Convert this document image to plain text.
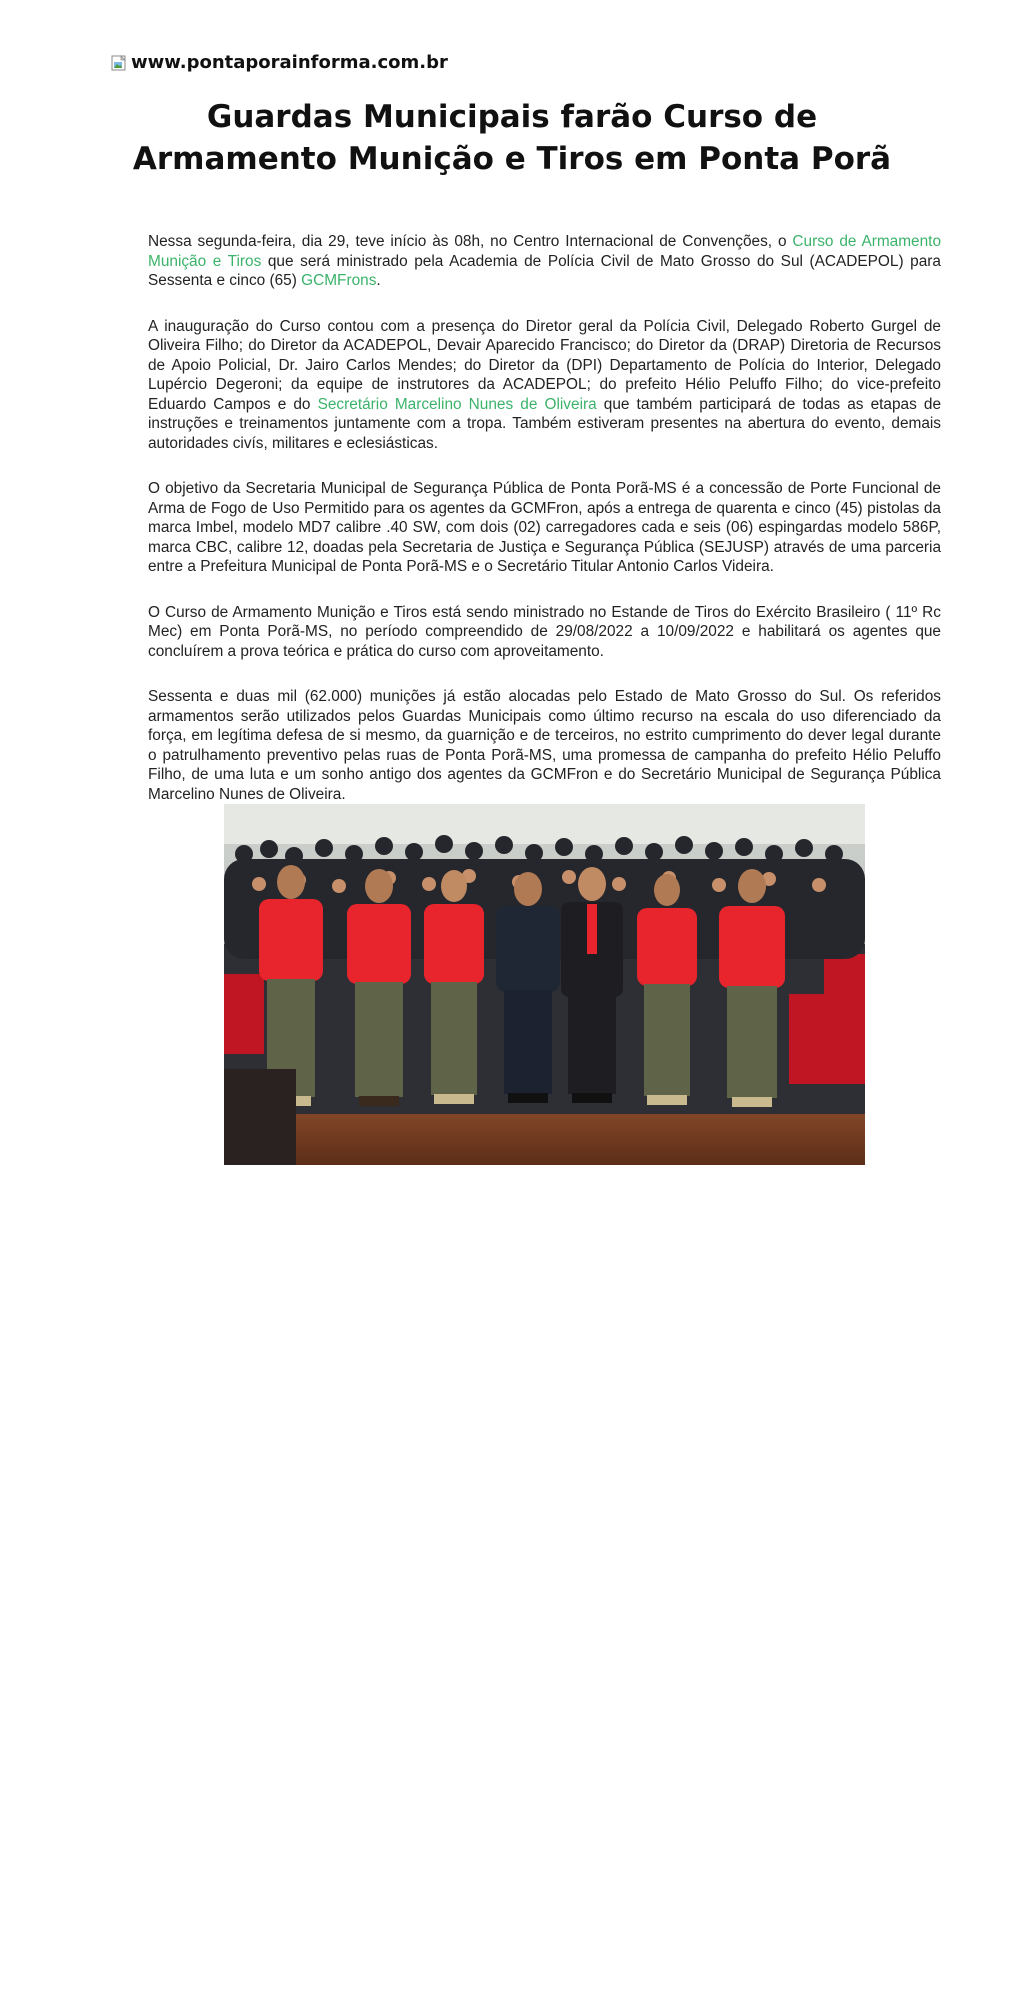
www.pontaporainforma.com.br
Guardas Municipais farão Curso de Armamento Munição e Tiros em Ponta Porã

Nessa segunda-feira, dia 29, teve início às 08h, no Centro Internacional de Convenções, o Curso de Armamento Munição e Tiros que será ministrado pela Academia de Polícia Civil de Mato Grosso do Sul (ACADEPOL) para Sessenta e cinco (65) GCMFrons.

A inauguração do Curso contou com a presença do Diretor geral da Polícia Civil, Delegado Roberto Gurgel de Oliveira Filho; do Diretor da ACADEPOL, Devair Aparecido Francisco; do Diretor da (DRAP) Diretoria de Recursos de Apoio Policial, Dr. Jairo Carlos Mendes; do Diretor da (DPI) Departamento de Polícia do Interior, Delegado Lupércio Degeroni; da equipe de instrutores da ACADEPOL; do prefeito Hélio Peluffo Filho; do vice-prefeito Eduardo Campos e do Secretário Marcelino Nunes de Oliveira que também participará de todas as etapas de instruções e treinamentos juntamente com a tropa. Também estiveram presentes na abertura do evento, demais autoridades civís, militares e eclesiásticas.

O objetivo da Secretaria Municipal de Segurança Pública de Ponta Porã-MS é a concessão de Porte Funcional de Arma de Fogo de Uso Permitido para os agentes da GCMFron, após a entrega de quarenta e cinco (45) pistolas da marca Imbel, modelo MD7 calibre .40 SW, com dois (02) carregadores cada e seis (06) espingardas modelo 586P, marca CBC, calibre 12, doadas pela Secretaria de Justiça e Segurança Pública (SEJUSP) através de uma parceria entre a Prefeitura Municipal de Ponta Porã-MS e o Secretário Titular Antonio Carlos Videira.

O Curso de Armamento Munição e Tiros está sendo ministrado no Estande de Tiros do Exército Brasileiro ( 11º Rc Mec) em Ponta Porã-MS, no período compreendido de 29/08/2022 a 10/09/2022 e habilitará os agentes que concluírem a prova teórica e prática do curso com aproveitamento.

Sessenta e duas mil (62.000) munições já estão alocadas pelo Estado de Mato Grosso do Sul. Os referidos armamentos serão utilizados pelos Guardas Municipais como último recurso na escala do uso diferenciado da força, em legítima defesa de si mesmo, da guarnição e de terceiros, no estrito cumprimento do dever legal durante o patrulhamento preventivo pelas ruas de Ponta Porã-MS, uma promessa de campanha do prefeito Hélio Peluffo Filho, de uma luta e um sonho antigo dos agentes da GCMFron e do Secretário Municipal de Segurança Pública Marcelino Nunes de Oliveira.
